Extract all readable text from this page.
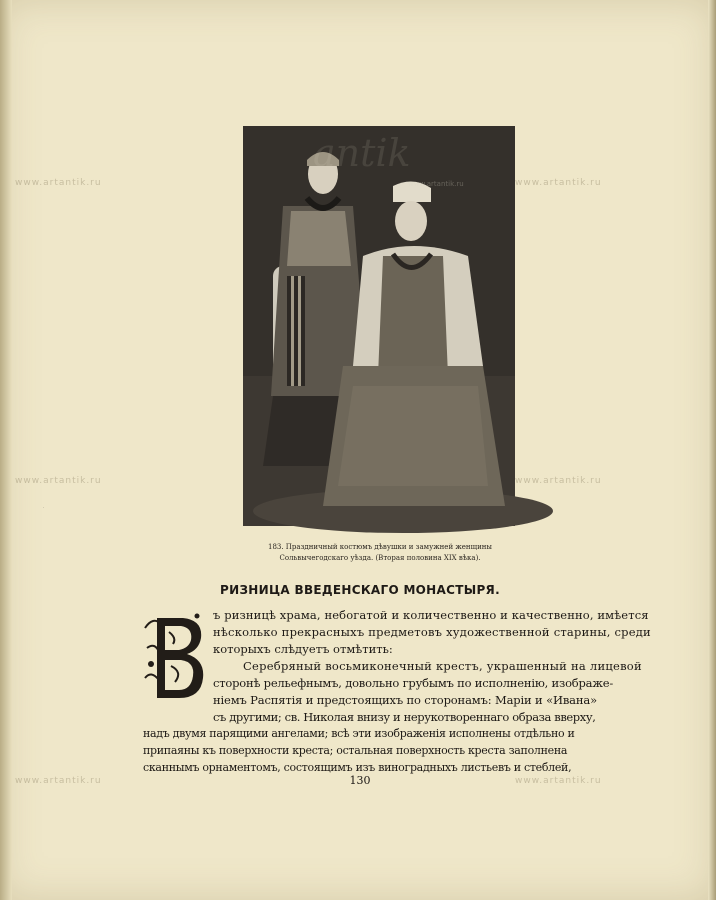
www.artantik.ru	www.artantik.ru
www.artantik.ru	www.artantik.ru
www.artantik.ru	www.artantik.ru
antik
www.artantik.ru
183. Праздничный костюмъ дѣвушки и замужней женщины
Сольвычегодскаго уѣзда. (Вторая половина XIX вѣка).
РИЗНИЦА ВВЕДЕНСКАГО МОНАСТЫРЯ.
В
ъ ризницѣ храма, небогатой и количественно и качественно, имѣется
нѣсколько прекрасныхъ предметовъ художественной старины, среди
которыхъ слѣдуетъ отмѣтить:
Серебряный восьмиконечный крестъ, украшенный на лицевой
сторонѣ рельефнымъ, довольно грубымъ по исполненію, изображе-
ніемъ Распятія и предстоящихъ по сторонамъ: Маріи и «Ивана»
съ другими; св. Николая внизу и нерукотвореннаго образа вверху,
надъ двумя парящими ангелами; всѣ эти изображенія исполнены отдѣльно и
припаяны къ поверхности креста; остальная поверхность креста заполнена
сканнымъ орнаментомъ, состоящимъ изъ виноградныхъ листьевъ и стеблей,
130
